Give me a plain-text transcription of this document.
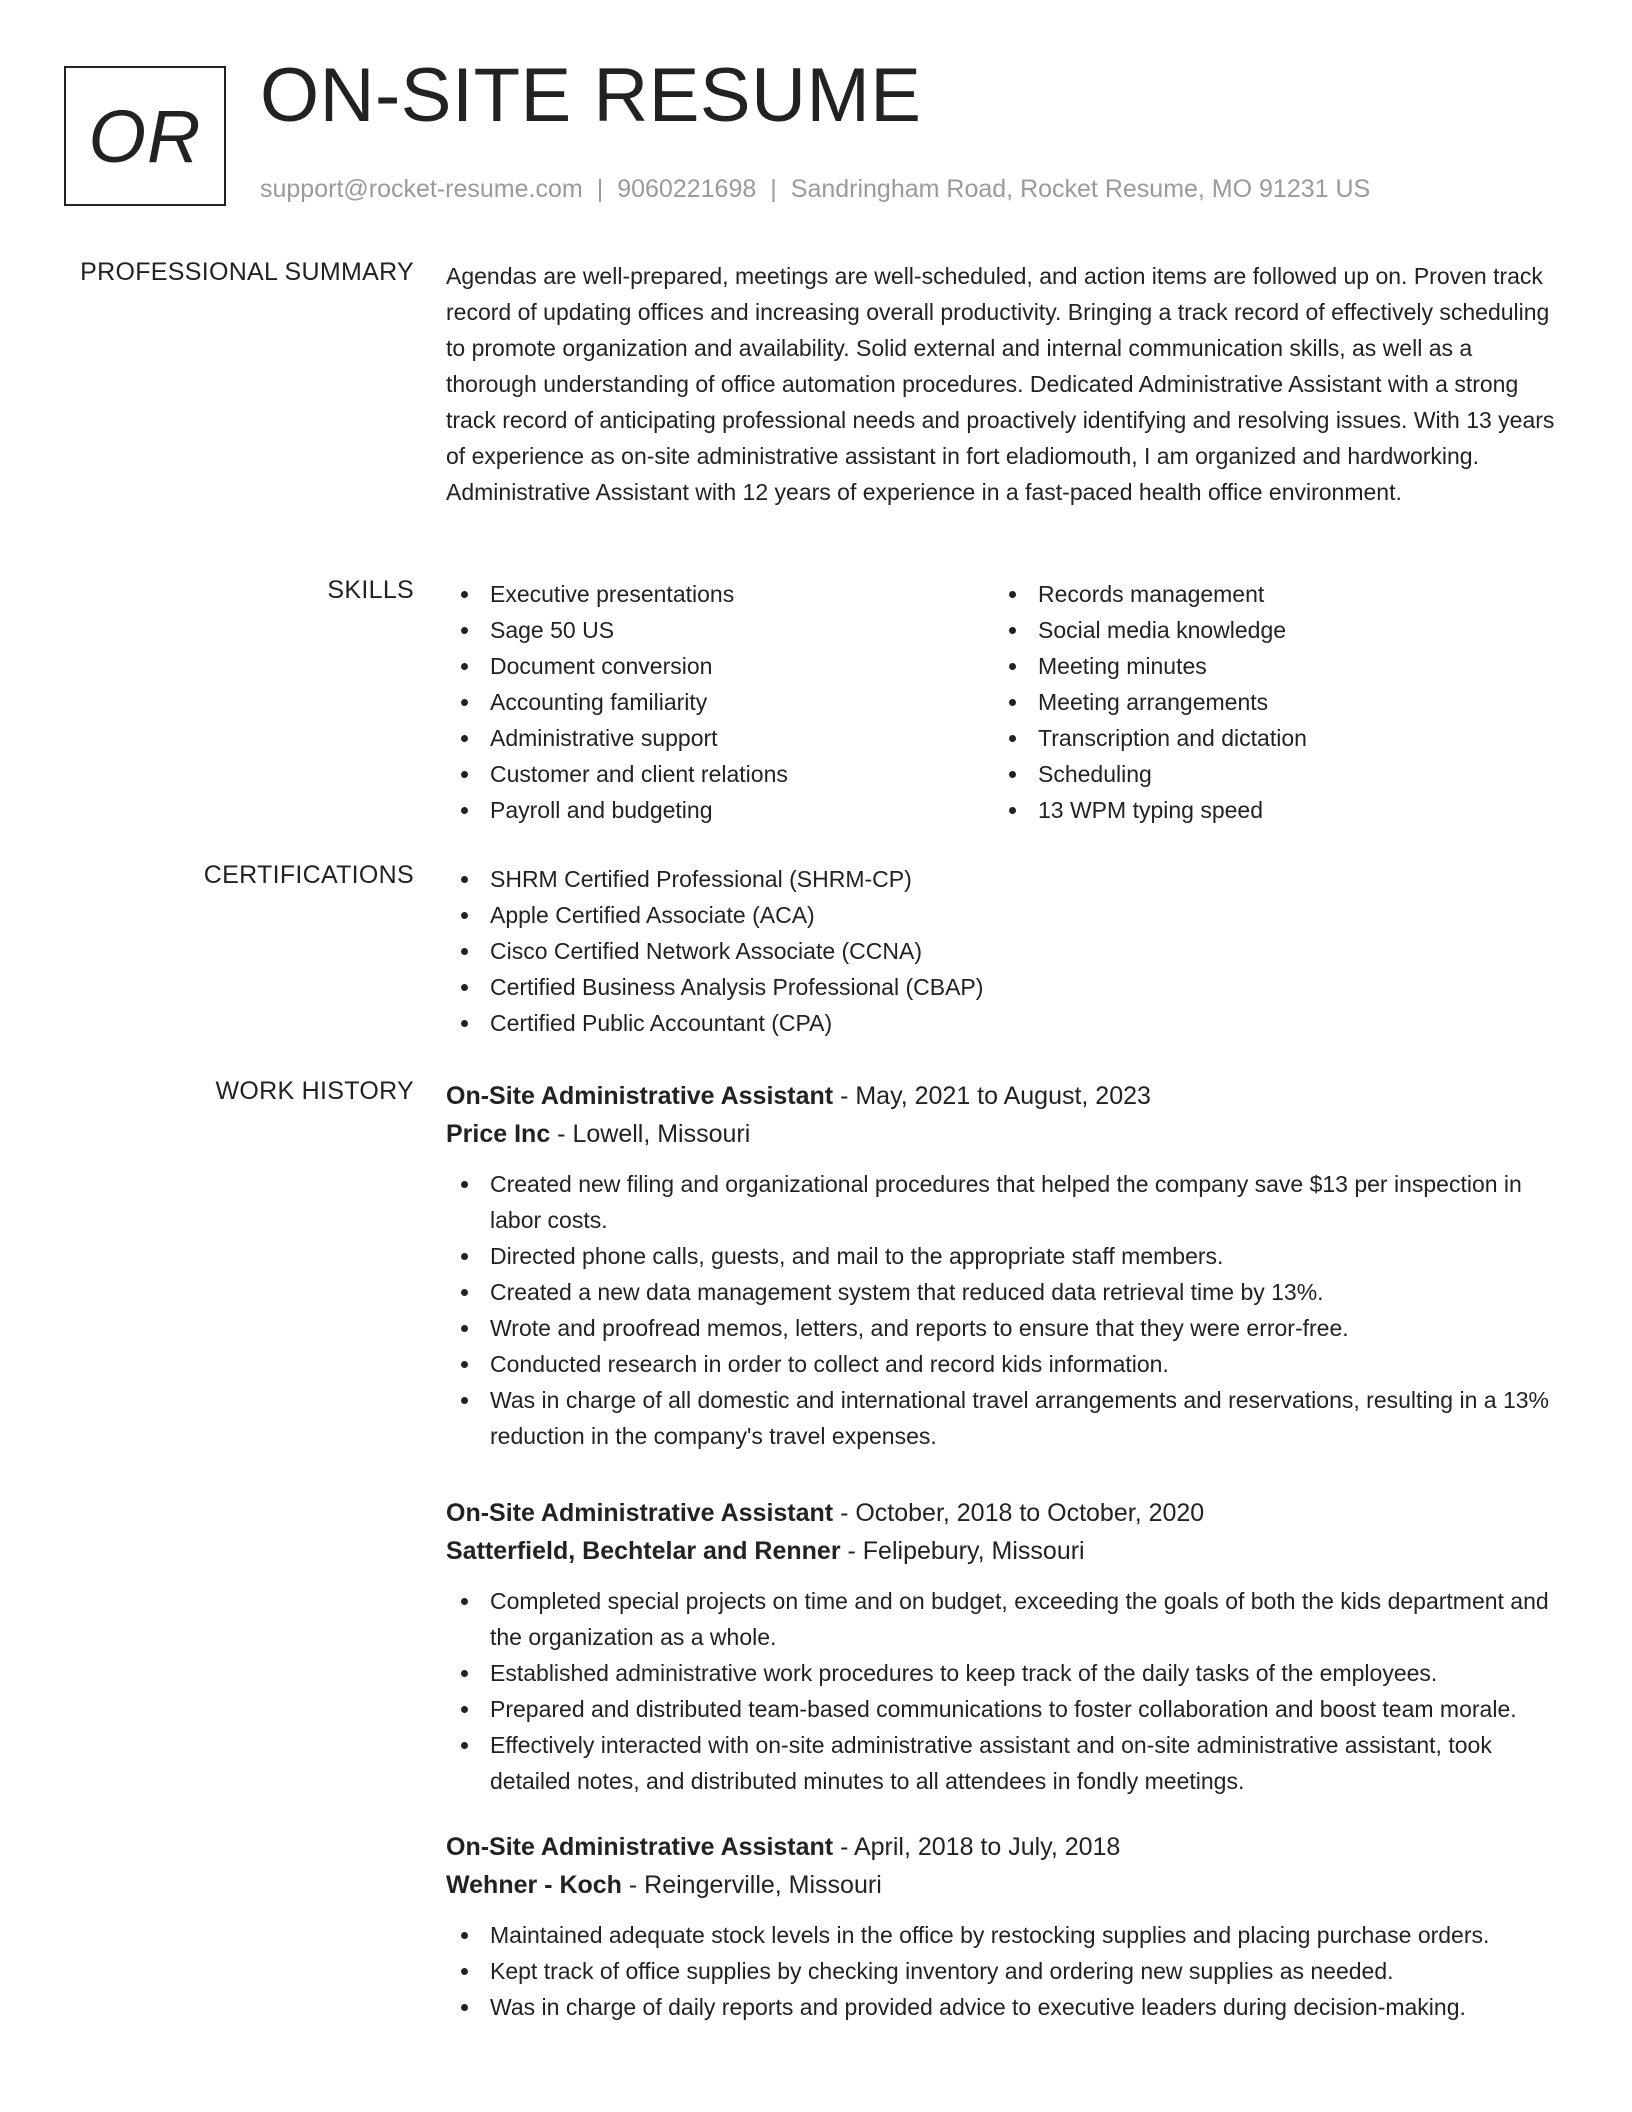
OR ON-SITE RESUME
support@rocket-resume.com | 9060221698 | Sandringham Road, Rocket Resume, MO 91231 US
PROFESSIONAL SUMMARY Agendas are well-prepared, meetings are well-scheduled, and action items are followed up on. Proven track record of updating offices and increasing overall productivity. Bringing a track record of effectively scheduling to promote organization and availability. Solid external and internal communication skills, as well as a thorough understanding of office automation procedures. Dedicated Administrative Assistant with a strong track record of anticipating professional needs and proactively identifying and resolving issues. With 13 years of experience as on-site administrative assistant in fort eladiomouth, I am organized and hardworking. Administrative Assistant with 12 years of experience in a fast-paced health office environment.

SKILLS	Executive presentations
Sage 50 US
Document conversion
Accounting familiarity
Administrative support
Customer and client relations
Payroll and budgeting
Records management
Social media knowledge
Meeting minutes
Meeting arrangements
Transcription and dictation
Scheduling
13 WPM typing speed
CERTIFICATIONS	SHRM Certified Professional (SHRM-CP)
Apple Certified Associate (ACA)
Cisco Certified Network Associate (CCNA)
Certified Business Analysis Professional (CBAP)
Certified Public Accountant (CPA)
WORK HISTORY On-Site Administrative Assistant - May, 2021 to August, 2023
Price Inc - Lowell, Missouri
Created new filing and organizational procedures that helped the company save $13 per inspection in labor costs.
Directed phone calls, guests, and mail to the appropriate staff members.
Created a new data management system that reduced data retrieval time by 13%.
Wrote and proofread memos, letters, and reports to ensure that they were error-free.
Conducted research in order to collect and record kids information.
Was in charge of all domestic and international travel arrangements and reservations, resulting in a 13% reduction in the company's travel expenses.
On-Site Administrative Assistant - October, 2018 to October, 2020
Satterfield, Bechtelar and Renner - Felipebury, Missouri
Completed special projects on time and on budget, exceeding the goals of both the kids department and the organization as a whole.
Established administrative work procedures to keep track of the daily tasks of the employees.
Prepared and distributed team-based communications to foster collaboration and boost team morale.
Effectively interacted with on-site administrative assistant and on-site administrative assistant, took detailed notes, and distributed minutes to all attendees in fondly meetings.
On-Site Administrative Assistant - April, 2018 to July, 2018
Wehner - Koch - Reingerville, Missouri
Maintained adequate stock levels in the office by restocking supplies and placing purchase orders.
Kept track of office supplies by checking inventory and ordering new supplies as needed.
Was in charge of daily reports and provided advice to executive leaders during decision-making.
